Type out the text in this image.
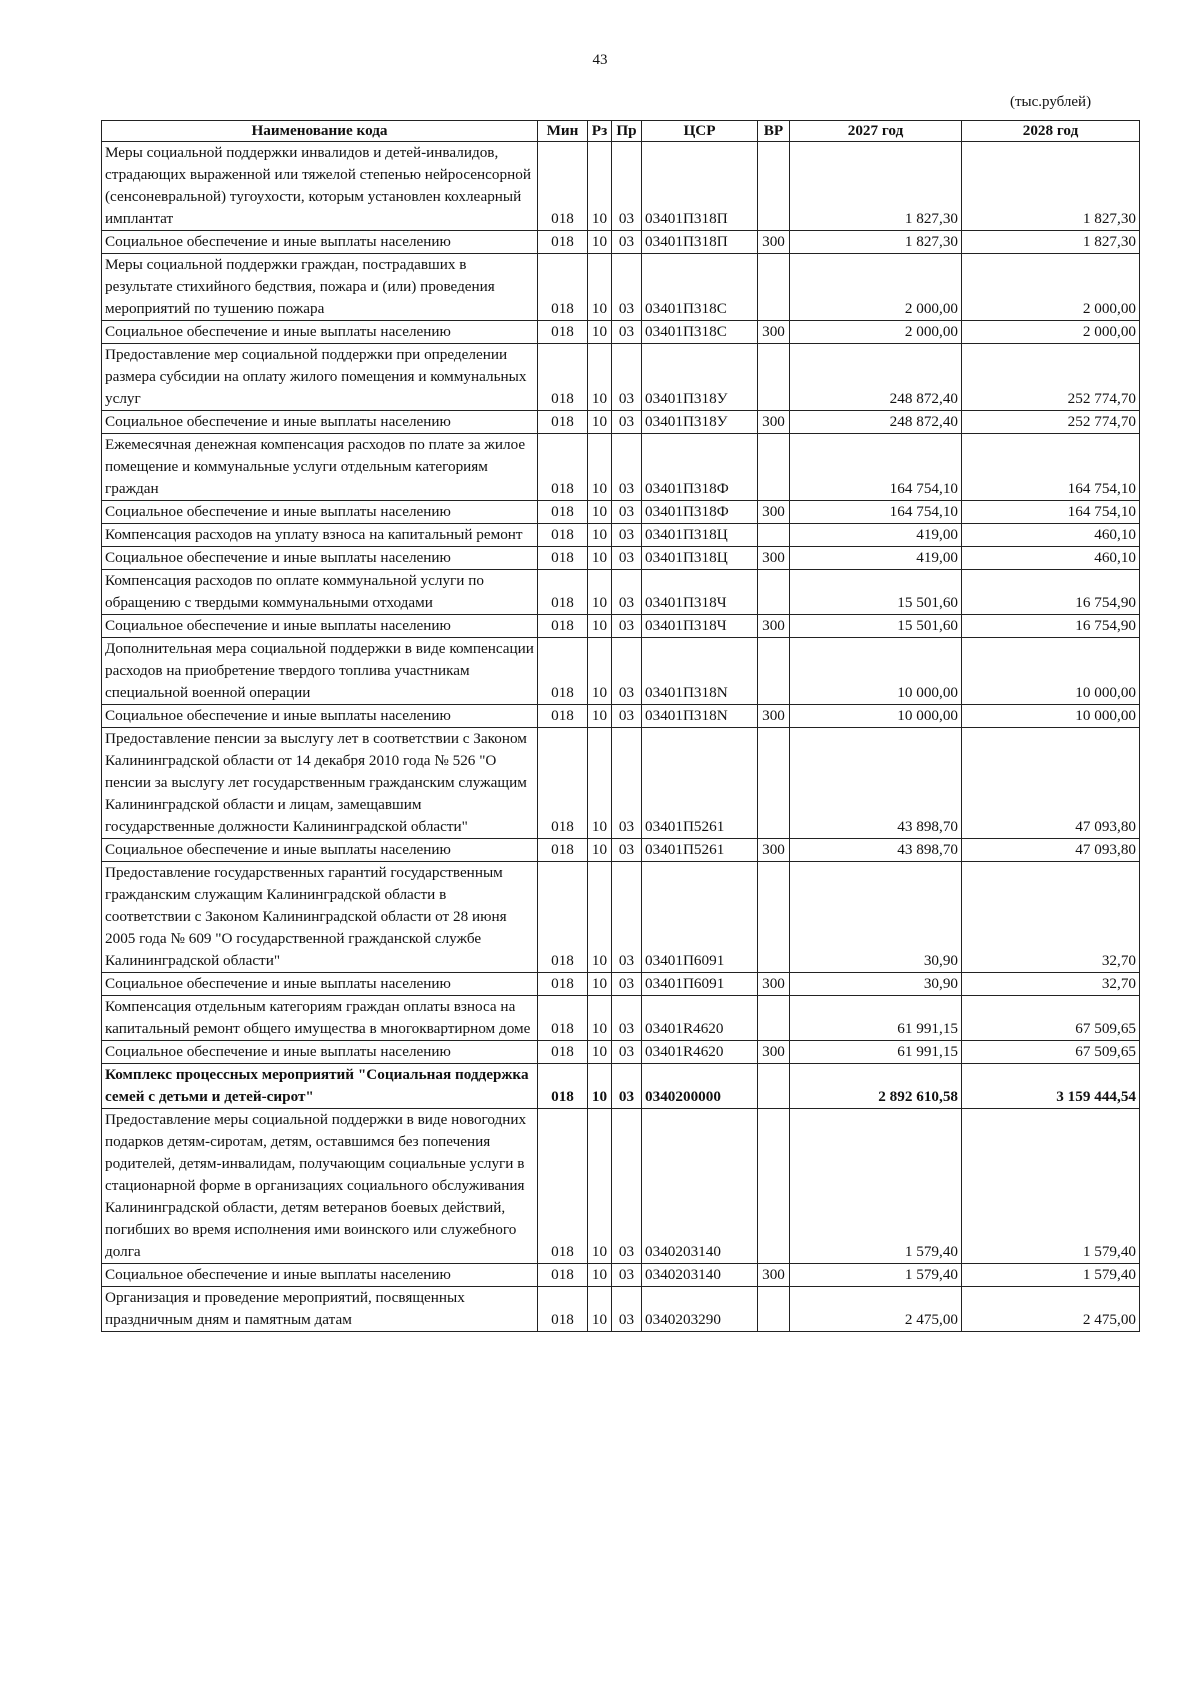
43
(тыс.рублей)
Наименование кода	Мин	Рз	Пр	ЦСР	ВР	2027 год	2028 год
Меры социальной поддержки инвалидов и детей-инвалидов, страдающих выраженной или тяжелой степенью нейросенсорной (сенсоневральной) тугоухости, которым установлен кохлеарный имплантат	018	10	03	03401П318П		1 827,30	1 827,30
Социальное обеспечение и иные выплаты населению	018	10	03	03401П318П	300	1 827,30	1 827,30
Меры социальной поддержки граждан, пострадавших в результате стихийного бедствия, пожара и (или) проведения мероприятий по тушению пожара	018	10	03	03401П318С		2 000,00	2 000,00
Социальное обеспечение и иные выплаты населению	018	10	03	03401П318С	300	2 000,00	2 000,00
Предоставление мер социальной поддержки при определении размера субсидии на оплату жилого помещения и коммунальных услуг	018	10	03	03401П318У		248 872,40	252 774,70
Социальное обеспечение и иные выплаты населению	018	10	03	03401П318У	300	248 872,40	252 774,70
Ежемесячная денежная компенсация расходов по плате за жилое помещение и коммунальные услуги отдельным категориям граждан	018	10	03	03401П318Ф		164 754,10	164 754,10
Социальное обеспечение и иные выплаты населению	018	10	03	03401П318Ф	300	164 754,10	164 754,10
Компенсация расходов на уплату взноса на капитальный ремонт	018	10	03	03401П318Ц		419,00	460,10
Социальное обеспечение и иные выплаты населению	018	10	03	03401П318Ц	300	419,00	460,10
Компенсация расходов по оплате коммунальной услуги по обращению с твердыми коммунальными отходами	018	10	03	03401П318Ч		15 501,60	16 754,90
Социальное обеспечение и иные выплаты населению	018	10	03	03401П318Ч	300	15 501,60	16 754,90
Дополнительная мера социальной поддержки в виде компенсации расходов на приобретение твердого топлива участникам специальной военной операции	018	10	03	03401П318N		10 000,00	10 000,00
Социальное обеспечение и иные выплаты населению	018	10	03	03401П318N	300	10 000,00	10 000,00
Предоставление пенсии за выслугу лет в соответствии с Законом Калининградской области от 14 декабря 2010 года № 526 "О пенсии за выслугу лет государственным гражданским служащим Калининградской области и лицам, замещавшим государственные должности Калининградской области"	018	10	03	03401П5261		43 898,70	47 093,80
Социальное обеспечение и иные выплаты населению	018	10	03	03401П5261	300	43 898,70	47 093,80
Предоставление государственных гарантий государственным гражданским служащим Калининградской области в соответствии с Законом Калининградской области от 28 июня 2005 года № 609 "О государственной гражданской службе Калининградской области"	018	10	03	03401П6091		30,90	32,70
Социальное обеспечение и иные выплаты населению	018	10	03	03401П6091	300	30,90	32,70
Компенсация отдельным категориям граждан оплаты взноса на капитальный ремонт общего имущества в многоквартирном доме	018	10	03	03401R4620		61 991,15	67 509,65
Социальное обеспечение и иные выплаты населению	018	10	03	03401R4620	300	61 991,15	67 509,65
Комплекс процессных мероприятий "Социальная поддержка семей с детьми и детей-сирот"	018	10	03	0340200000		2 892 610,58	3 159 444,54
Предоставление меры социальной поддержки в виде новогодних подарков детям-сиротам, детям, оставшимся без попечения родителей, детям-инвалидам, получающим социальные услуги в стационарной форме в организациях социального обслуживания Калининградской области, детям ветеранов боевых действий, погибших во время исполнения ими воинского или служебного долга	018	10	03	0340203140		1 579,40	1 579,40
Социальное обеспечение и иные выплаты населению	018	10	03	0340203140	300	1 579,40	1 579,40
Организация и проведение мероприятий, посвященных праздничным дням и памятным датам	018	10	03	0340203290		2 475,00	2 475,00
